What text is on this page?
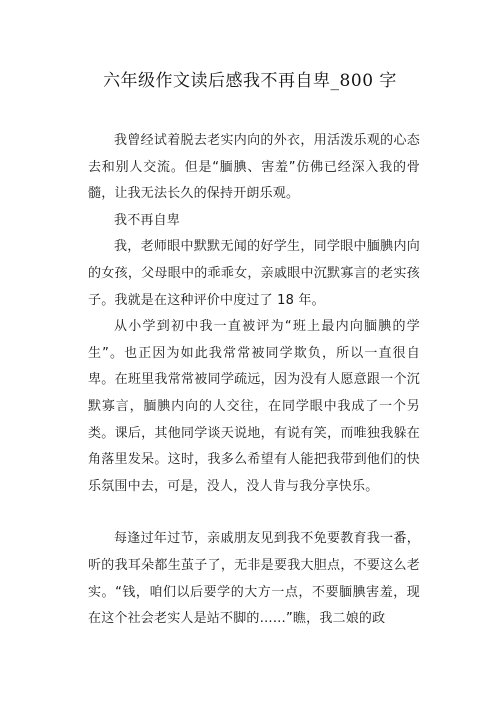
六年级作文读后感我不再自卑_800 字

我曾经试着脱去老实内向的外衣，用活泼乐观的心态去和别人交流。但是“腼腆、害羞”仿佛已经深入我的骨髓，让我无法长久的保持开朗乐观。

我不再自卑

我，老师眼中默默无闻的好学生，同学眼中腼腆内向的女孩，父母眼中的乖乖女，亲戚眼中沉默寡言的老实孩子。我就是在这种评价中度过了 18 年。

从小学到初中我一直被评为“班上最内向腼腆的学生”。也正因为如此我常常被同学欺负，所以一直很自卑。在班里我常常被同学疏远，因为没有人愿意跟一个沉默寡言，腼腆内向的人交往，在同学眼中我成了一个另类。课后，其他同学谈天说地，有说有笑，而唯独我躲在角落里发呆。这时，我多么希望有人能把我带到他们的快乐氛围中去，可是，没人，没人肯与我分享快乐。

每逢过年过节，亲戚朋友见到我不免要教育我一番，听的我耳朵都生茧子了，无非是要我大胆点，不要这么老实。“钱，咱们以后要学的大方一点，不要腼腆害羞，现在这个社会老实人是站不脚的……”瞧，我二娘的政
